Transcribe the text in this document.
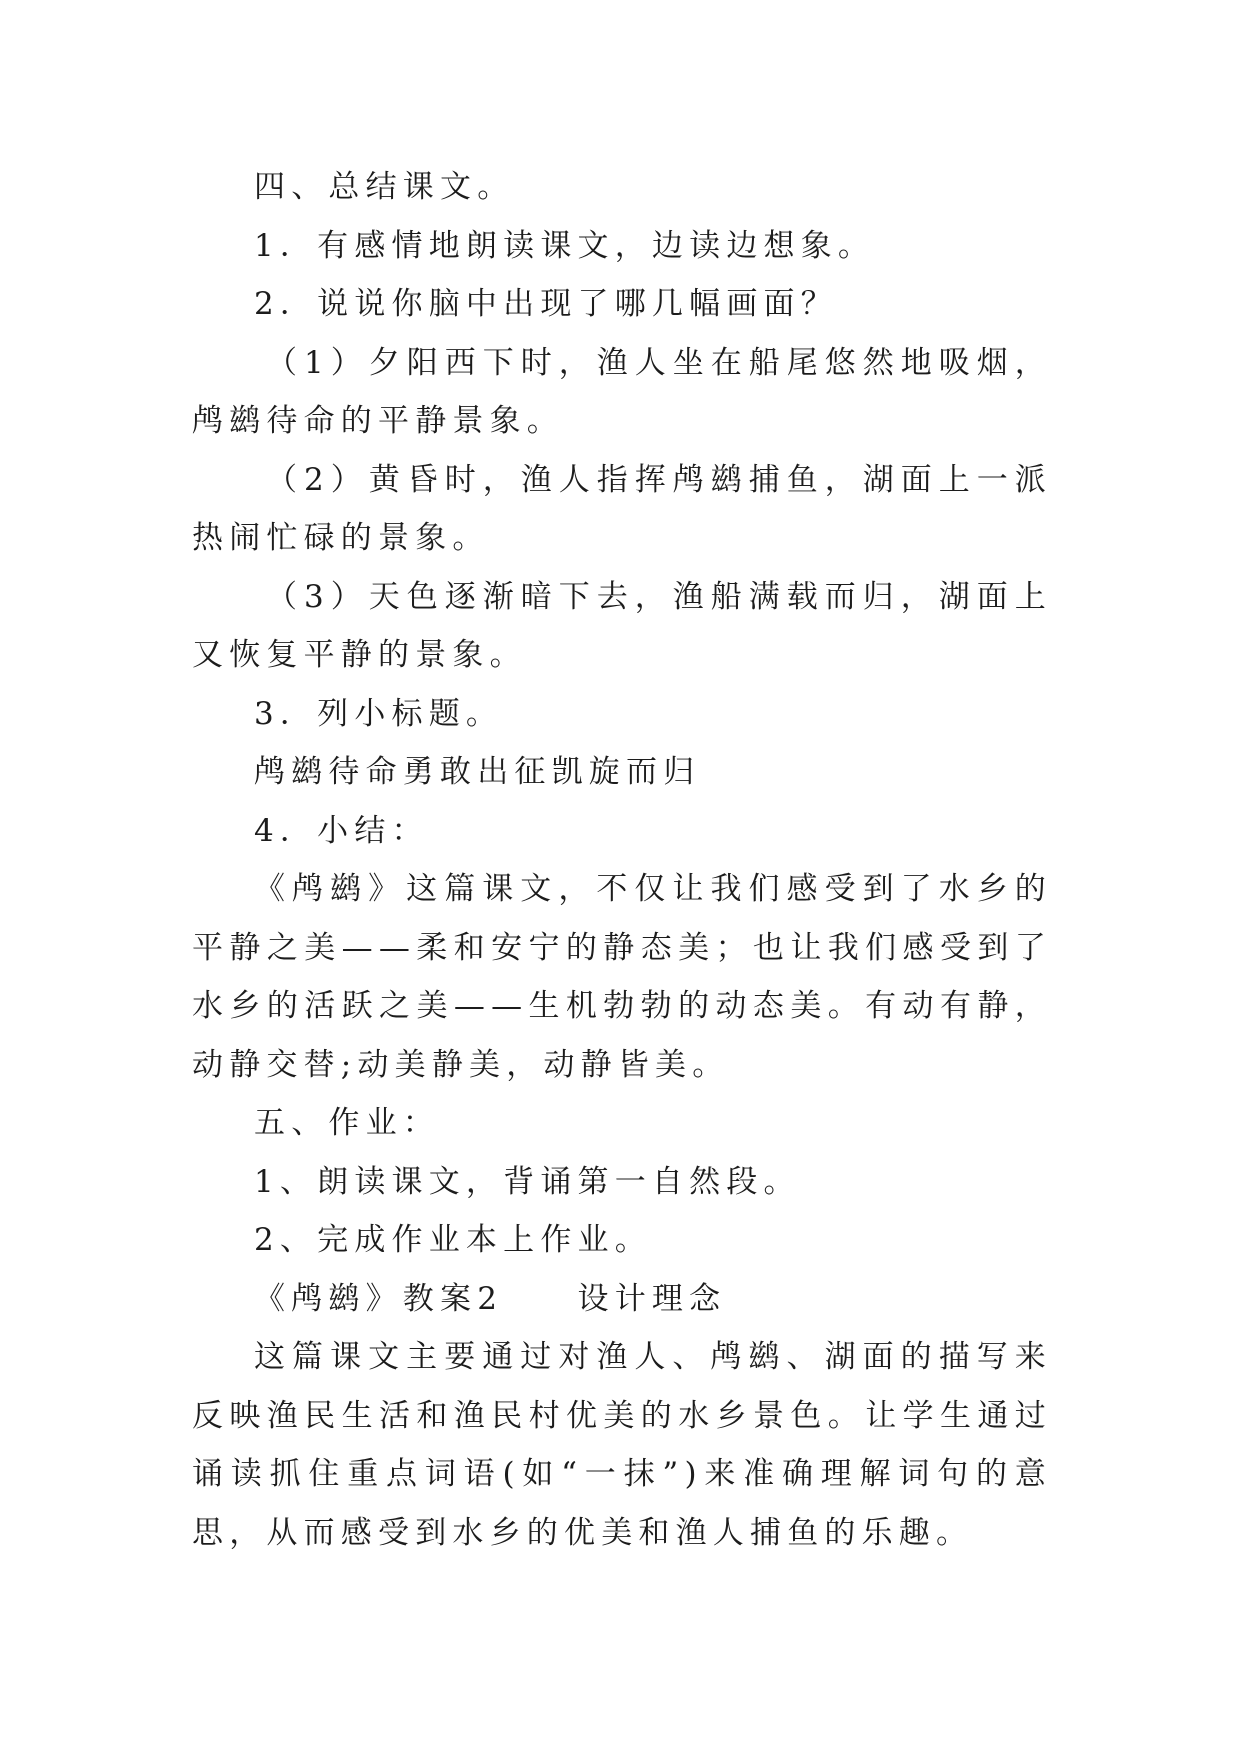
四、总结课文。

1．有感情地朗读课文，边读边想象。

2．说说你脑中出现了哪几幅画面？

（1）夕阳西下时，渔人坐在船尾悠然地吸烟，鸬鹚待命的平静景象。

（2）黄昏时，渔人指挥鸬鹚捕鱼，湖面上一派热闹忙碌的景象。

（3）天色逐渐暗下去，渔船满载而归，湖面上又恢复平静的景象。

3．列小标题。

鸬鹚待命勇敢出征凯旋而归

4．小结：

《鸬鹚》这篇课文，不仅让我们感受到了水乡的平静之美——柔和安宁的静态美；也让我们感受到了水乡的活跃之美——生机勃勃的动态美。有动有静，动静交替;动美静美，动静皆美。

五、作业：

1、朗读课文，背诵第一自然段。

2、完成作业本上作业。

《鸬鹚》教案2　　设计理念

这篇课文主要通过对渔人、鸬鹚、湖面的描写来反映渔民生活和渔民村优美的水乡景色。让学生通过诵读抓住重点词语(如“一抹”)来准确理解词句的意思，从而感受到水乡的优美和渔人捕鱼的乐趣。
